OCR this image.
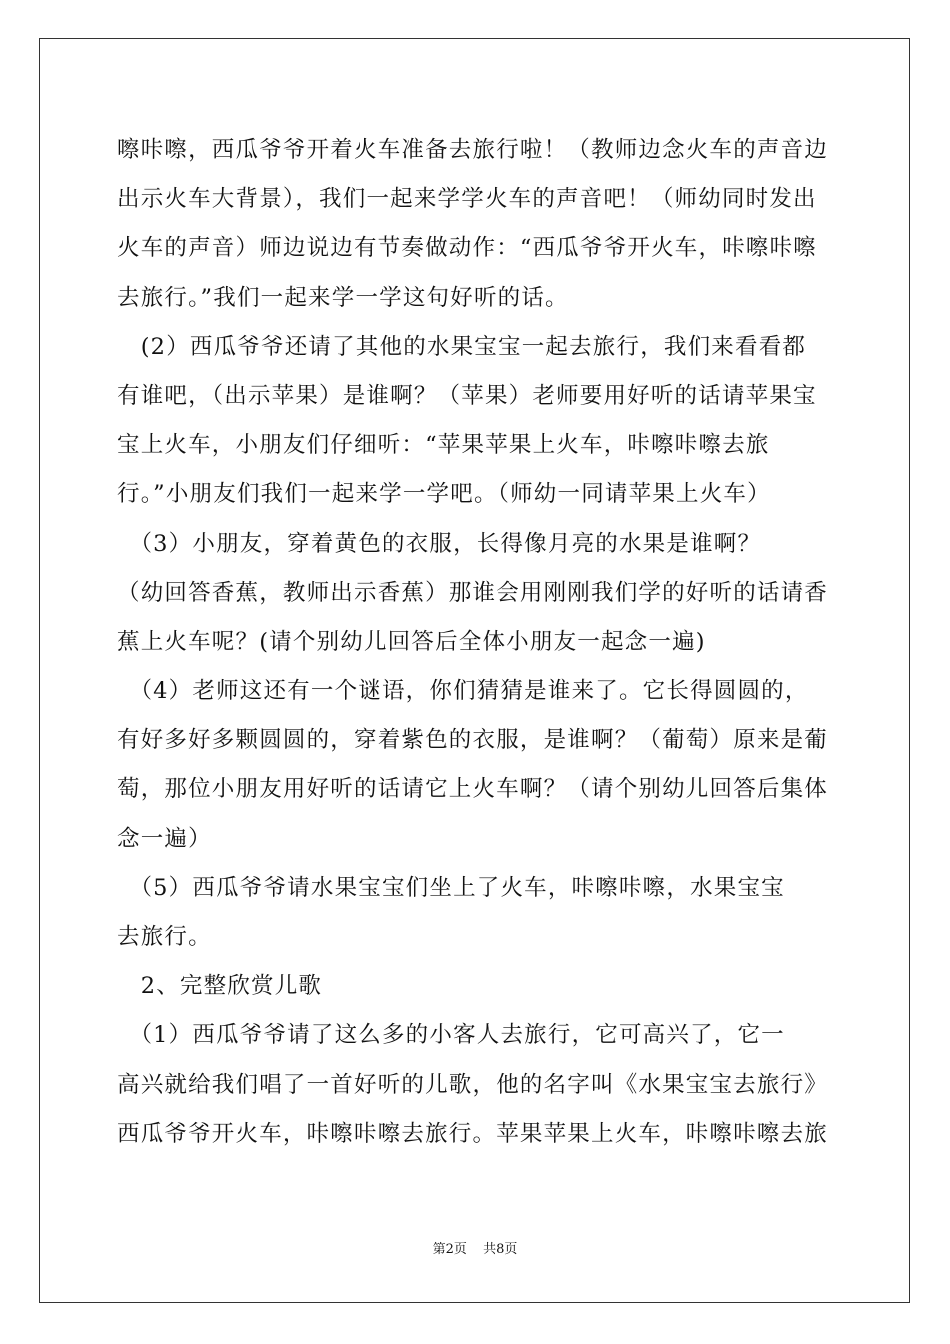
嚓咔嚓，西瓜爷爷开着火车准备去旅行啦！（教师边念火车的声音边

出示火车大背景），我们一起来学学火车的声音吧！（师幼同时发出

火车的声音）师边说边有节奏做动作：“西瓜爷爷开火车，咔嚓咔嚓

去旅行。”我们一起来学一学这句好听的话。

　(2）西瓜爷爷还请了其他的水果宝宝一起去旅行，我们来看看都

有谁吧，（出示苹果）是谁啊？（苹果）老师要用好听的话请苹果宝

宝上火车，小朋友们仔细听：“苹果苹果上火车，咔嚓咔嚓去旅

行。”小朋友们我们一起来学一学吧。（师幼一同请苹果上火车）

　（3）小朋友，穿着黄色的衣服，长得像月亮的水果是谁啊？

（幼回答香蕉，教师出示香蕉）那谁会用刚刚我们学的好听的话请香

蕉上火车呢？(请个别幼儿回答后全体小朋友一起念一遍)

　（4）老师这还有一个谜语，你们猜猜是谁来了。它长得圆圆的，

有好多好多颗圆圆的，穿着紫色的衣服，是谁啊？（葡萄）原来是葡

萄，那位小朋友用好听的话请它上火车啊？（请个别幼儿回答后集体

念一遍）

　（5）西瓜爷爷请水果宝宝们坐上了火车，咔嚓咔嚓，水果宝宝

去旅行。

　2、完整欣赏儿歌

　（1）西瓜爷爷请了这么多的小客人去旅行，它可高兴了，它一

高兴就给我们唱了一首好听的儿歌，他的名字叫《水果宝宝去旅行》

西瓜爷爷开火车，咔嚓咔嚓去旅行。苹果苹果上火车，咔嚓咔嚓去旅

第2页 共8页
